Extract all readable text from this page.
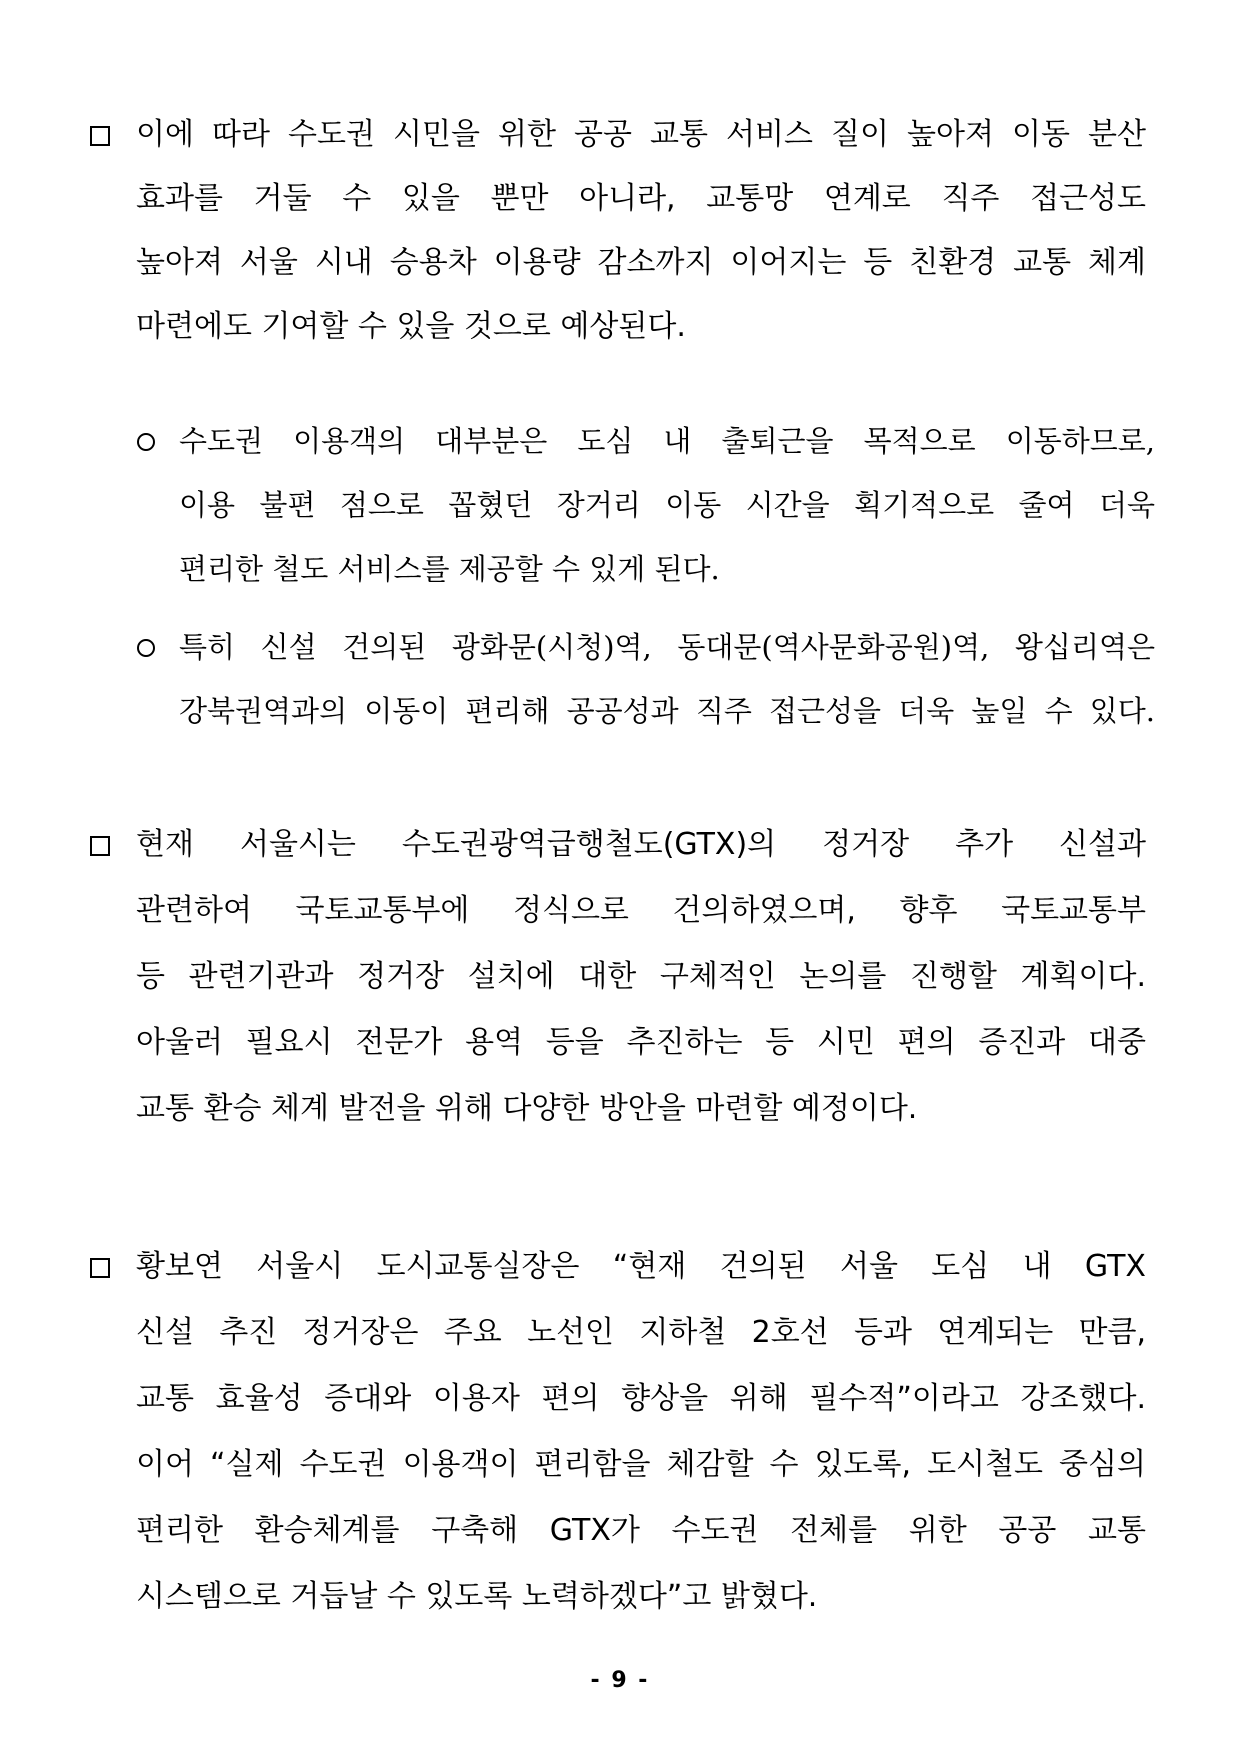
이에 따라 수도권 시민을 위한 공공 교통 서비스 질이 높아져 이동 분산
효과를 거둘 수 있을 뿐만 아니라, 교통망 연계로 직주 접근성도
높아져 서울 시내 승용차 이용량 감소까지 이어지는 등 친환경 교통 체계
마련에도 기여할 수 있을 것으로 예상된다.
수도권 이용객의 대부분은 도심 내 출퇴근을 목적으로 이동하므로,
이용 불편 점으로 꼽혔던 장거리 이동 시간을 획기적으로 줄여 더욱
편리한 철도 서비스를 제공할 수 있게 된다.
특히 신설 건의된 광화문(시청)역, 동대문(역사문화공원)역, 왕십리역은
강북권역과의 이동이 편리해 공공성과 직주 접근성을 더욱 높일 수 있다.
현재 서울시는 수도권광역급행철도(GTX)의 정거장 추가 신설과
관련하여 국토교통부에 정식으로 건의하였으며, 향후 국토교통부
등 관련기관과 정거장 설치에 대한 구체적인 논의를 진행할 계획이다.
아울러 필요시 전문가 용역 등을 추진하는 등 시민 편의 증진과 대중
교통 환승 체계 발전을 위해 다양한 방안을 마련할 예정이다.
황보연 서울시 도시교통실장은 “현재 건의된 서울 도심 내 GTX
신설 추진 정거장은 주요 노선인 지하철 2호선 등과 연계되는 만큼,
교통 효율성 증대와 이용자 편의 향상을 위해 필수적”이라고 강조했다.
이어 “실제 수도권 이용객이 편리함을 체감할 수 있도록, 도시철도 중심의
편리한 환승체계를 구축해 GTX가 수도권 전체를 위한 공공 교통
시스템으로 거듭날 수 있도록 노력하겠다”고 밝혔다.
- 9 -
